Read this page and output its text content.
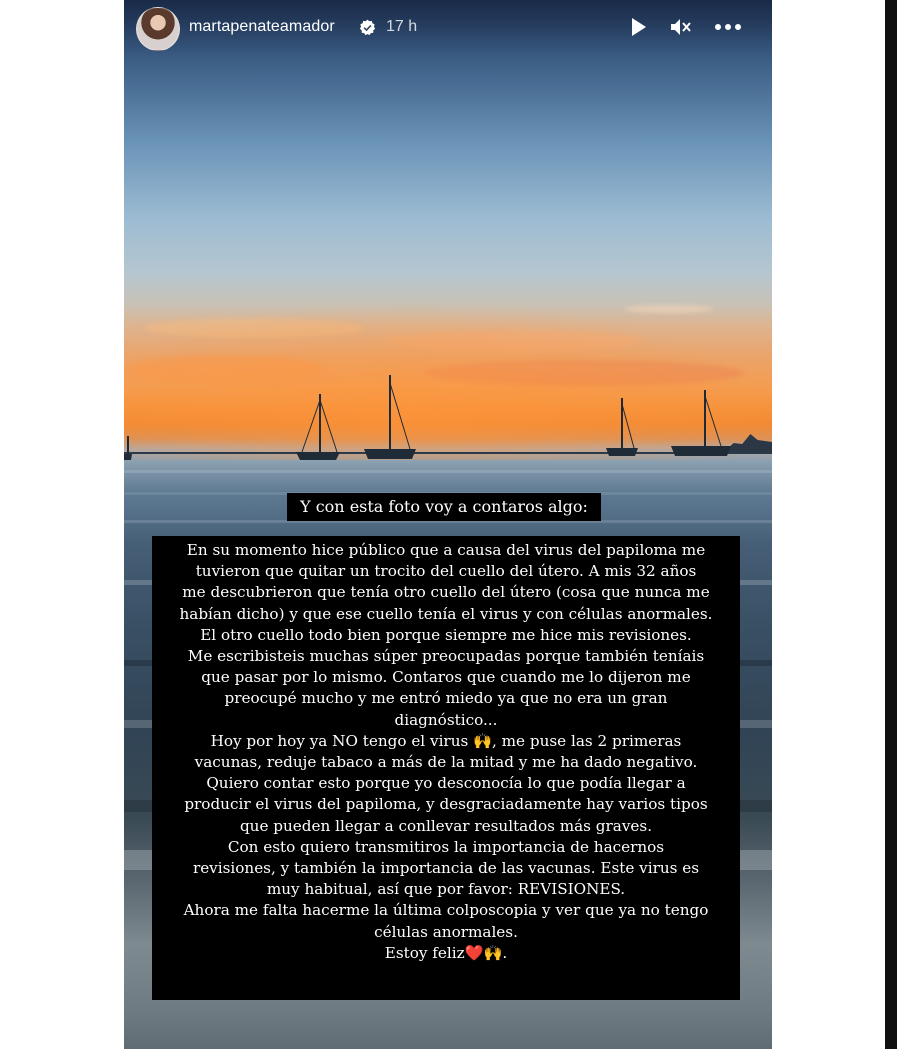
martapenateamador	17 h
Y con esta foto voy a contaros algo:

En su momento hice público que a causa del virus del papiloma me

tuvieron que quitar un trocito del cuello del útero. A mis 32 años

me descubrieron que tenía otro cuello del útero (cosa que nunca me

habían dicho) y que ese cuello tenía el virus y con células anormales.

El otro cuello todo bien porque siempre me hice mis revisiones.

Me escribisteis muchas súper preocupadas porque también teníais

que pasar por lo mismo. Contaros que cuando me lo dijeron me

preocupé mucho y me entró miedo ya que no era un gran

diagnóstico...

Hoy por hoy ya NO tengo el virus 🙌, me puse las 2 primeras

vacunas, reduje tabaco a más de la mitad y me ha dado negativo.

Quiero contar esto porque yo desconocía lo que podía llegar a

producir el virus del papiloma, y desgraciadamente hay varios tipos

que pueden llegar a conllevar resultados más graves.

Con esto quiero transmitiros la importancia de hacernos

revisiones, y también la importancia de las vacunas. Este virus es

muy habitual, así que por favor: REVISIONES.

Ahora me falta hacerme la última colposcopia y ver que ya no tengo

células anormales.

Estoy feliz❤️🙌.
